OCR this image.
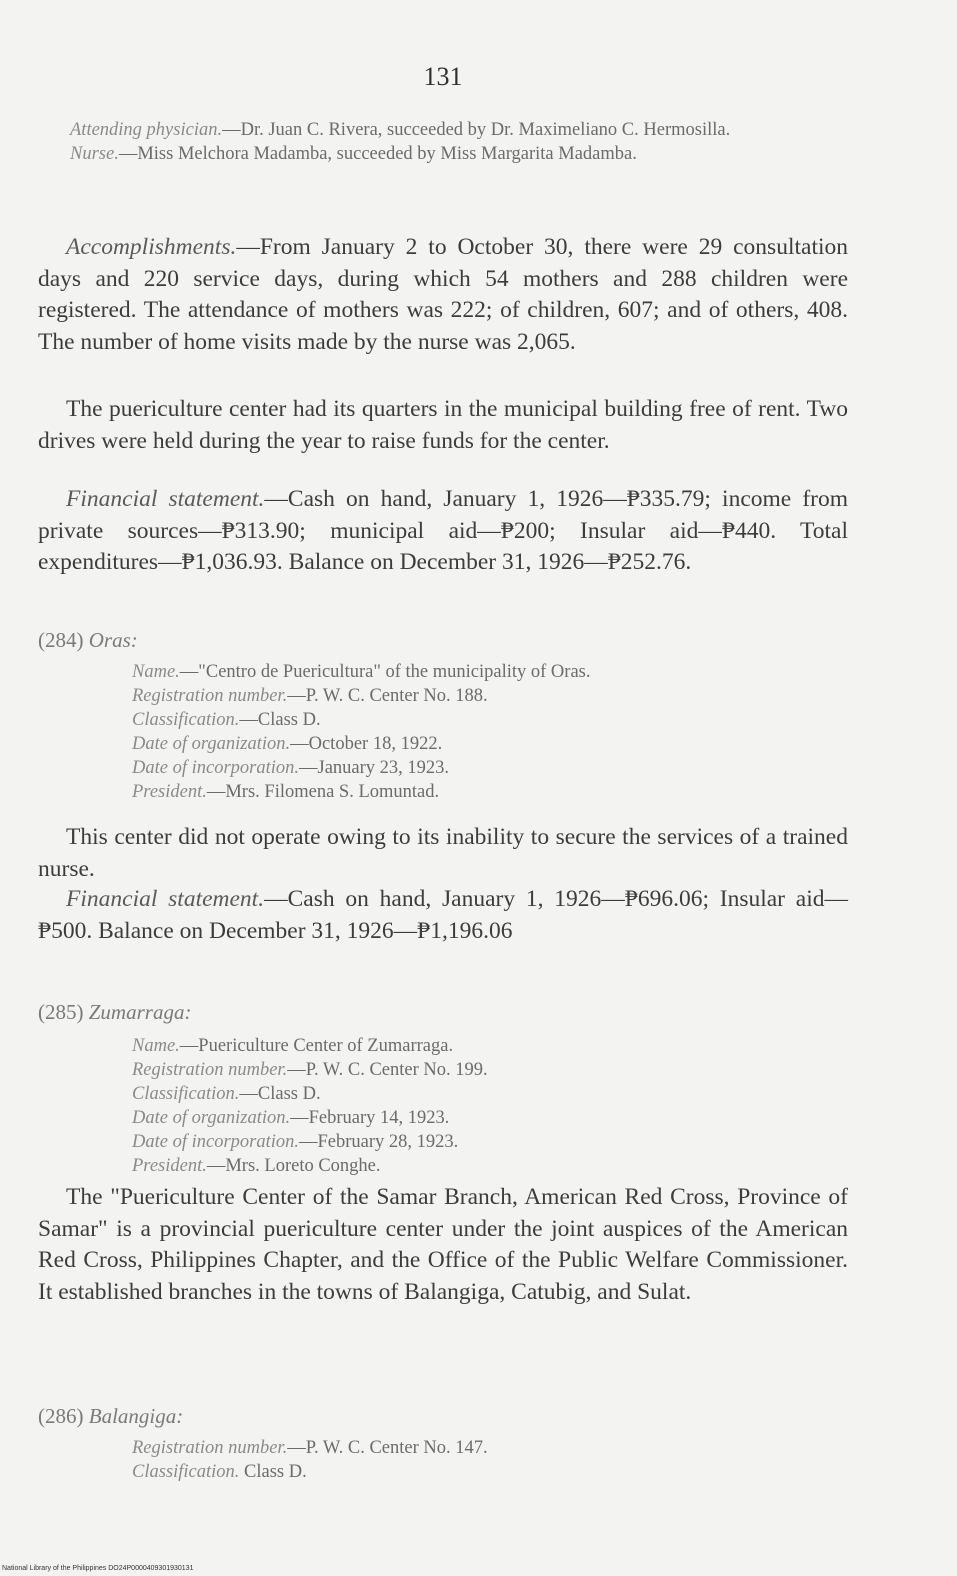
131

Attending physician.—Dr. Juan C. Rivera, succeeded by Dr. Maximeliano C. Hermosilla.

Nurse.—Miss Melchora Madamba, succeeded by Miss Margarita Madamba.

Accomplishments.—From January 2 to October 30, there were 29 consultation days and 220 service days, during which 54 mothers and 288 children were registered. The attendance of mothers was 222; of children, 607; and of others, 408. The number of home visits made by the nurse was 2,065.

The puericulture center had its quarters in the municipal building free of rent. Two drives were held during the year to raise funds for the center.

Financial statement.—Cash on hand, January 1, 1926—₱335.79; income from private sources—₱313.90; municipal aid—₱200; Insular aid—₱440. Total expenditures—₱1,036.93. Balance on December 31, 1926—₱252.76.

(284) Oras:

Name.—"Centro de Puericultura" of the municipality of Oras.

Registration number.—P. W. C. Center No. 188.

Classification.—Class D.

Date of organization.—October 18, 1922.

Date of incorporation.—January 23, 1923.

President.—Mrs. Filomena S. Lomuntad.

This center did not operate owing to its inability to secure the services of a trained nurse.

Financial statement.—Cash on hand, January 1, 1926—₱696.06; Insular aid—₱500. Balance on December 31, 1926—₱1,196.06

(285) Zumarraga:

Name.—Puericulture Center of Zumarraga.

Registration number.—P. W. C. Center No. 199.

Classification.—Class D.

Date of organization.—February 14, 1923.

Date of incorporation.—February 28, 1923.

President.—Mrs. Loreto Conghe.

The "Puericulture Center of the Samar Branch, American Red Cross, Province of Samar" is a provincial puericulture center under the joint auspices of the American Red Cross, Philippines Chapter, and the Office of the Public Welfare Commissioner. It established branches in the towns of Balangiga, Catubig, and Sulat.

(286) Balangiga:

Registration number.—P. W. C. Center No. 147.

Classification. Class D.

National Library of the Philippines DO24P0000409301930131
